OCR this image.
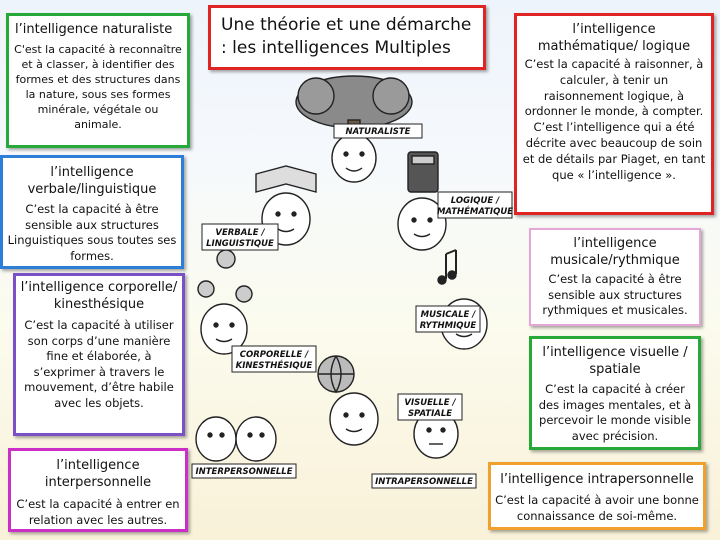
Une théorie et une démarche : les intelligences Multiples
l’intelligence naturaliste
C'est la capacité à reconnaître et à classer, à identifier des formes et des structures dans la nature, sous ses formes minérale, végétale ou animale.
l’intelligence verbale/linguistique
C’est la capacité à être sensible aux structures Linguistiques sous toutes ses formes.
l’intelligence corporelle/ kinesthésique
C’est la capacité à utiliser son corps d’une manière fine et élaborée, à s’exprimer à travers le mouvement, d’être habile avec les objets.
l’intelligence interpersonnelle
C’est la capacité à entrer en relation avec les autres.
l’intelligence mathématique/ logique
C’est la capacité à raisonner, à calculer, à tenir un raisonnement logique, à ordonner le monde, à compter. C’est l’intelligence qui a été décrite avec beaucoup de soin et de détails par Piaget, en tant que « l’intelligence ».
l’intelligence musicale/rythmique
C’est la capacité à être sensible aux structures rythmiques et musicales.
l’intelligence visuelle / spatiale
C’est la capacité à créer des images mentales, et à percevoir le monde visible avec précision.
l’intelligence intrapersonnelle
C’est la capacité à avoir une bonne connaissance de soi-même.
NATURALISTE
LOGIQUE /
MATHÉMATIQUE
VERBALE /
LINGUISTIQUE
MUSICALE /
RYTHMIQUE
CORPORELLE /
KINESTHÉSIQUE
VISUELLE /
SPATIALE
INTERPERSONNELLE
INTRAPERSONNELLE
